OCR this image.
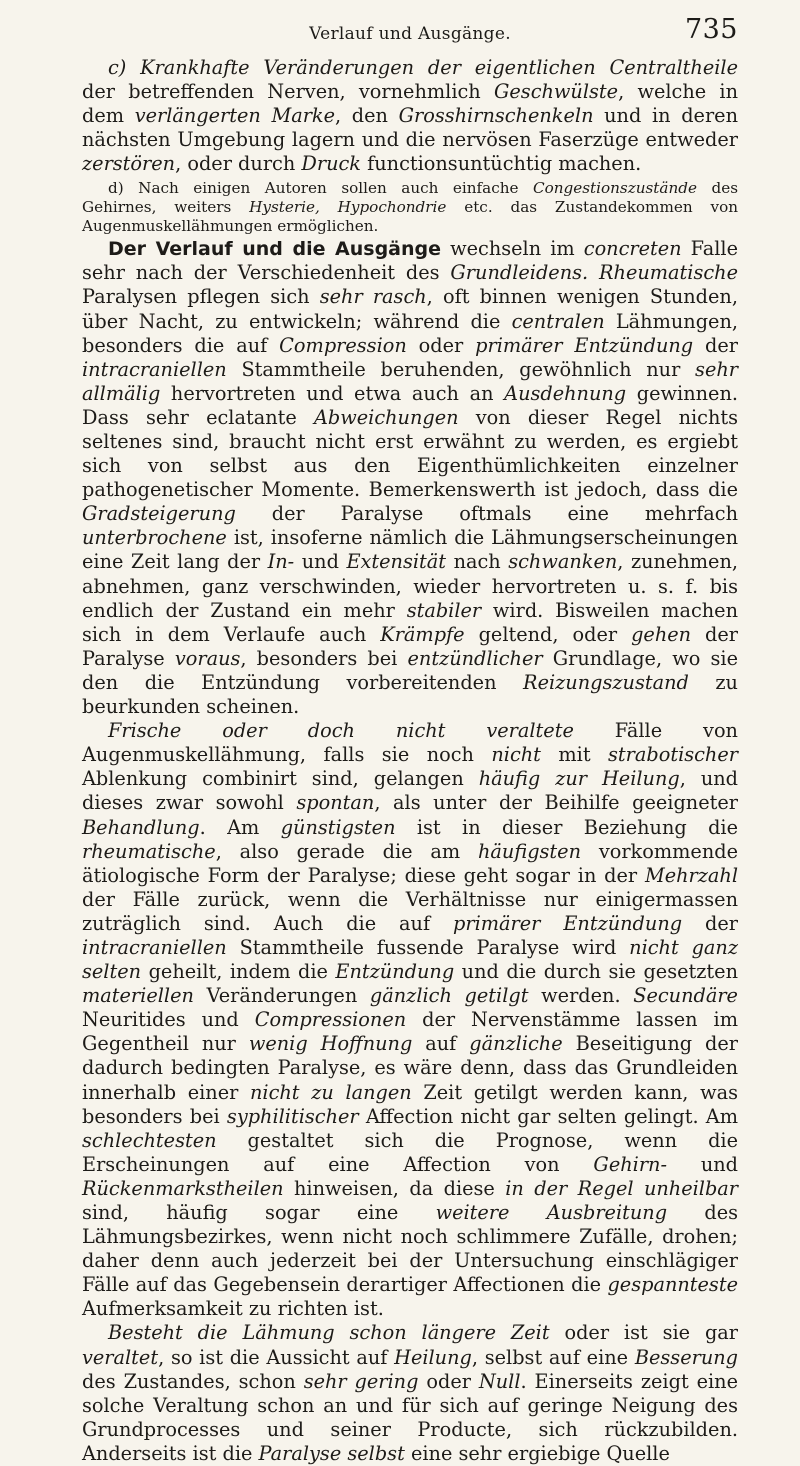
Verlauf und Ausgänge.	735

c) Krankhafte Veränderungen der eigentlichen Centraltheile der betreffenden Nerven, vornehmlich Geschwülste, welche in dem verlängerten Marke, den Grosshirnschenkeln und in deren nächsten Umgebung lagern und die nervösen Faserzüge entweder zerstören, oder durch Druck functionsuntüchtig machen.

d) Nach einigen Autoren sollen auch einfache Congestionszustände des Gehirnes, weiters Hysterie, Hypochondrie etc. das Zustandekommen von Augenmuskellähmungen ermöglichen.

Der Verlauf und die Ausgänge wechseln im concreten Falle sehr nach der Verschiedenheit des Grundleidens. Rheumatische Paralysen pflegen sich sehr rasch, oft binnen wenigen Stunden, über Nacht, zu entwickeln; während die centralen Lähmungen, besonders die auf Compression oder primärer Entzündung der intracraniellen Stammtheile beruhenden, gewöhnlich nur sehr allmälig hervortreten und etwa auch an Ausdehnung gewinnen. Dass sehr eclatante Abweichungen von dieser Regel nichts seltenes sind, braucht nicht erst erwähnt zu werden, es ergiebt sich von selbst aus den Eigenthümlichkeiten einzelner pathogenetischer Momente. Bemerkenswerth ist jedoch, dass die Gradsteigerung der Paralyse oftmals eine mehrfach unterbrochene ist, insoferne nämlich die Lähmungserscheinungen eine Zeit lang der In- und Extensität nach schwanken, zunehmen, abnehmen, ganz verschwinden, wieder hervortreten u. s. f. bis endlich der Zustand ein mehr stabiler wird. Bisweilen machen sich in dem Verlaufe auch Krämpfe geltend, oder gehen der Paralyse voraus, besonders bei entzündlicher Grundlage, wo sie den die Entzündung vorbereitenden Reizungszustand zu beurkunden scheinen.

Frische oder doch nicht veraltete Fälle von Augenmuskellähmung, falls sie noch nicht mit strabotischer Ablenkung combinirt sind, gelangen häufig zur Heilung, und dieses zwar sowohl spontan, als unter der Beihilfe geeigneter Behandlung. Am günstigsten ist in dieser Beziehung die rheumatische, also gerade die am häufigsten vorkommende ätiologische Form der Paralyse; diese geht sogar in der Mehrzahl der Fälle zurück, wenn die Verhältnisse nur einigermassen zuträglich sind. Auch die auf primärer Entzündung der intracraniellen Stammtheile fussende Paralyse wird nicht ganz selten geheilt, indem die Entzündung und die durch sie gesetzten materiellen Veränderungen gänzlich getilgt werden. Secundäre Neuritides und Compressionen der Nervenstämme lassen im Gegentheil nur wenig Hoffnung auf gänzliche Beseitigung der dadurch bedingten Paralyse, es wäre denn, dass das Grundleiden innerhalb einer nicht zu langen Zeit getilgt werden kann, was besonders bei syphilitischer Affection nicht gar selten gelingt. Am schlechtesten gestaltet sich die Prognose, wenn die Erscheinungen auf eine Affection von Gehirn- und Rückenmarkstheilen hinweisen, da diese in der Regel unheilbar sind, häufig sogar eine weitere Ausbreitung des Lähmungsbezirkes, wenn nicht noch schlimmere Zufälle, drohen; daher denn auch jederzeit bei der Untersuchung einschlägiger Fälle auf das Gegebensein derartiger Affectionen die gespannteste Aufmerksamkeit zu richten ist.

Besteht die Lähmung schon längere Zeit oder ist sie gar veraltet, so ist die Aussicht auf Heilung, selbst auf eine Besserung des Zustandes, schon sehr gering oder Null. Einerseits zeigt eine solche Veraltung schon an und für sich auf geringe Neigung des Grundprocesses und seiner Producte, sich rückzubilden. Anderseits ist die Paralyse selbst eine sehr ergiebige Quelle
